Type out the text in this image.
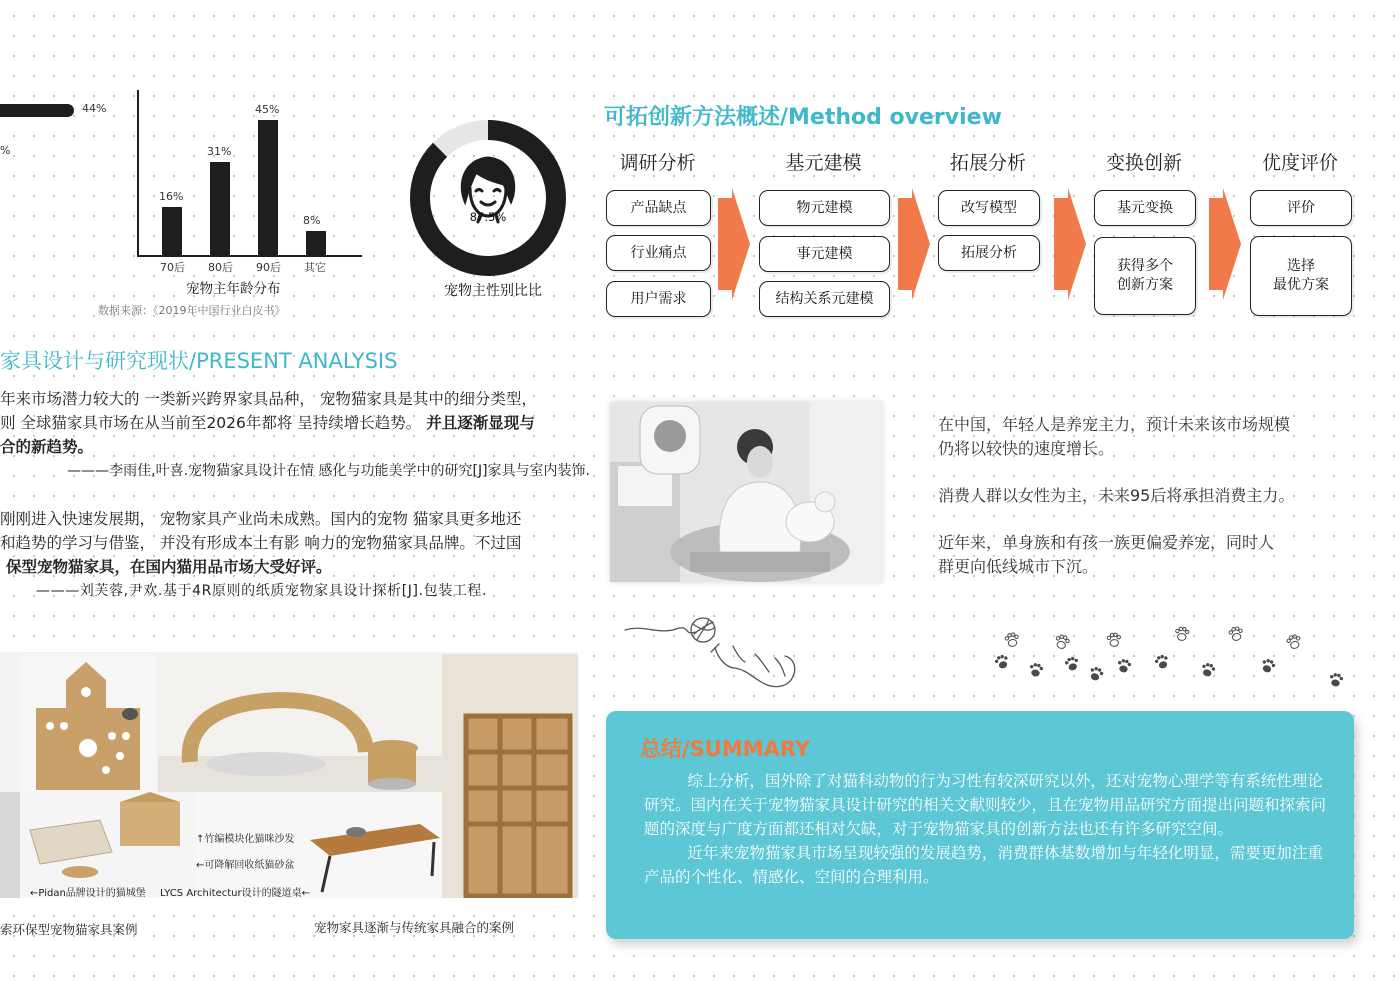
44%
%
16%
70后
31%
80后
45%
90后
8%
其它
宠物主年龄分布
数据来源：《2019年中国行业白皮书》
87.5%
宠物主性别比比
可拓创新方法概述/Method overview
调研分析
产品缺点
行业痛点
用户需求
基元建模
物元建模
事元建模
结构关系元建模
拓展分析
改写模型
拓展分析
变换创新
基元变换
获得多个
创新方案
优度评价
评价
选择
最优方案
家具设计与研究现状/PRESENT ANALYSIS
年来市场潜力较大的 一类新兴跨界家具品种， 宠物猫家具是其中的细分类型，
则 全球猫家具市场在从当前至2026年都将 呈持续增长趋势。 并且逐渐显现与
合的新趋势。
———李雨佳,叶喜.宠物猫家具设计在情 感化与功能美学中的研究[J]家具与室内装饰.
刚刚进入快速发展期， 宠物家具产业尚未成熟。国内的宠物 猫家具更多地还
和趋势的学习与借鉴， 并没有形成本土有影 响力的宠物猫家具品牌。不过国
保型宠物猫家具，在国内猫用品市场大受好评。
———刘芙蓉,尹欢.基于4R原则的纸质宠物家具设计探析[J].包装工程.
在中国，年轻人是养宠主力，预计未来该市场规模
仍将以较快的速度增长。
消费人群以女性为主，未来95后将承担消费主力。
近年来，单身族和有孩一族更偏爱养宠，同时人
群更向低线城市下沉。
↑竹编模块化猫咪沙发
←可降解回收纸猫砂盆
←Pidan品牌设计的猫城堡 LYCS Architectur设计的隧道桌←
索环保型宠物猫家具案例	宠物家具逐渐与传统家具融合的案例
总结/SUMMARY

综上分析，国外除了对猫科动物的行为习性有较深研究以外，还对宠物心理学等有系统性理论研究。国内在关于宠物猫家具设计研究的相关文献则较少，且在宠物用品研究方面提出问题和探索问题的深度与广度方面都还相对欠缺，对于宠物猫家具的创新方法也还有许多研究空间。

近年来宠物猫家具市场呈现较强的发展趋势，消费群体基数增加与年轻化明显，需要更加注重产品的个性化、情感化、空间的合理利用。
